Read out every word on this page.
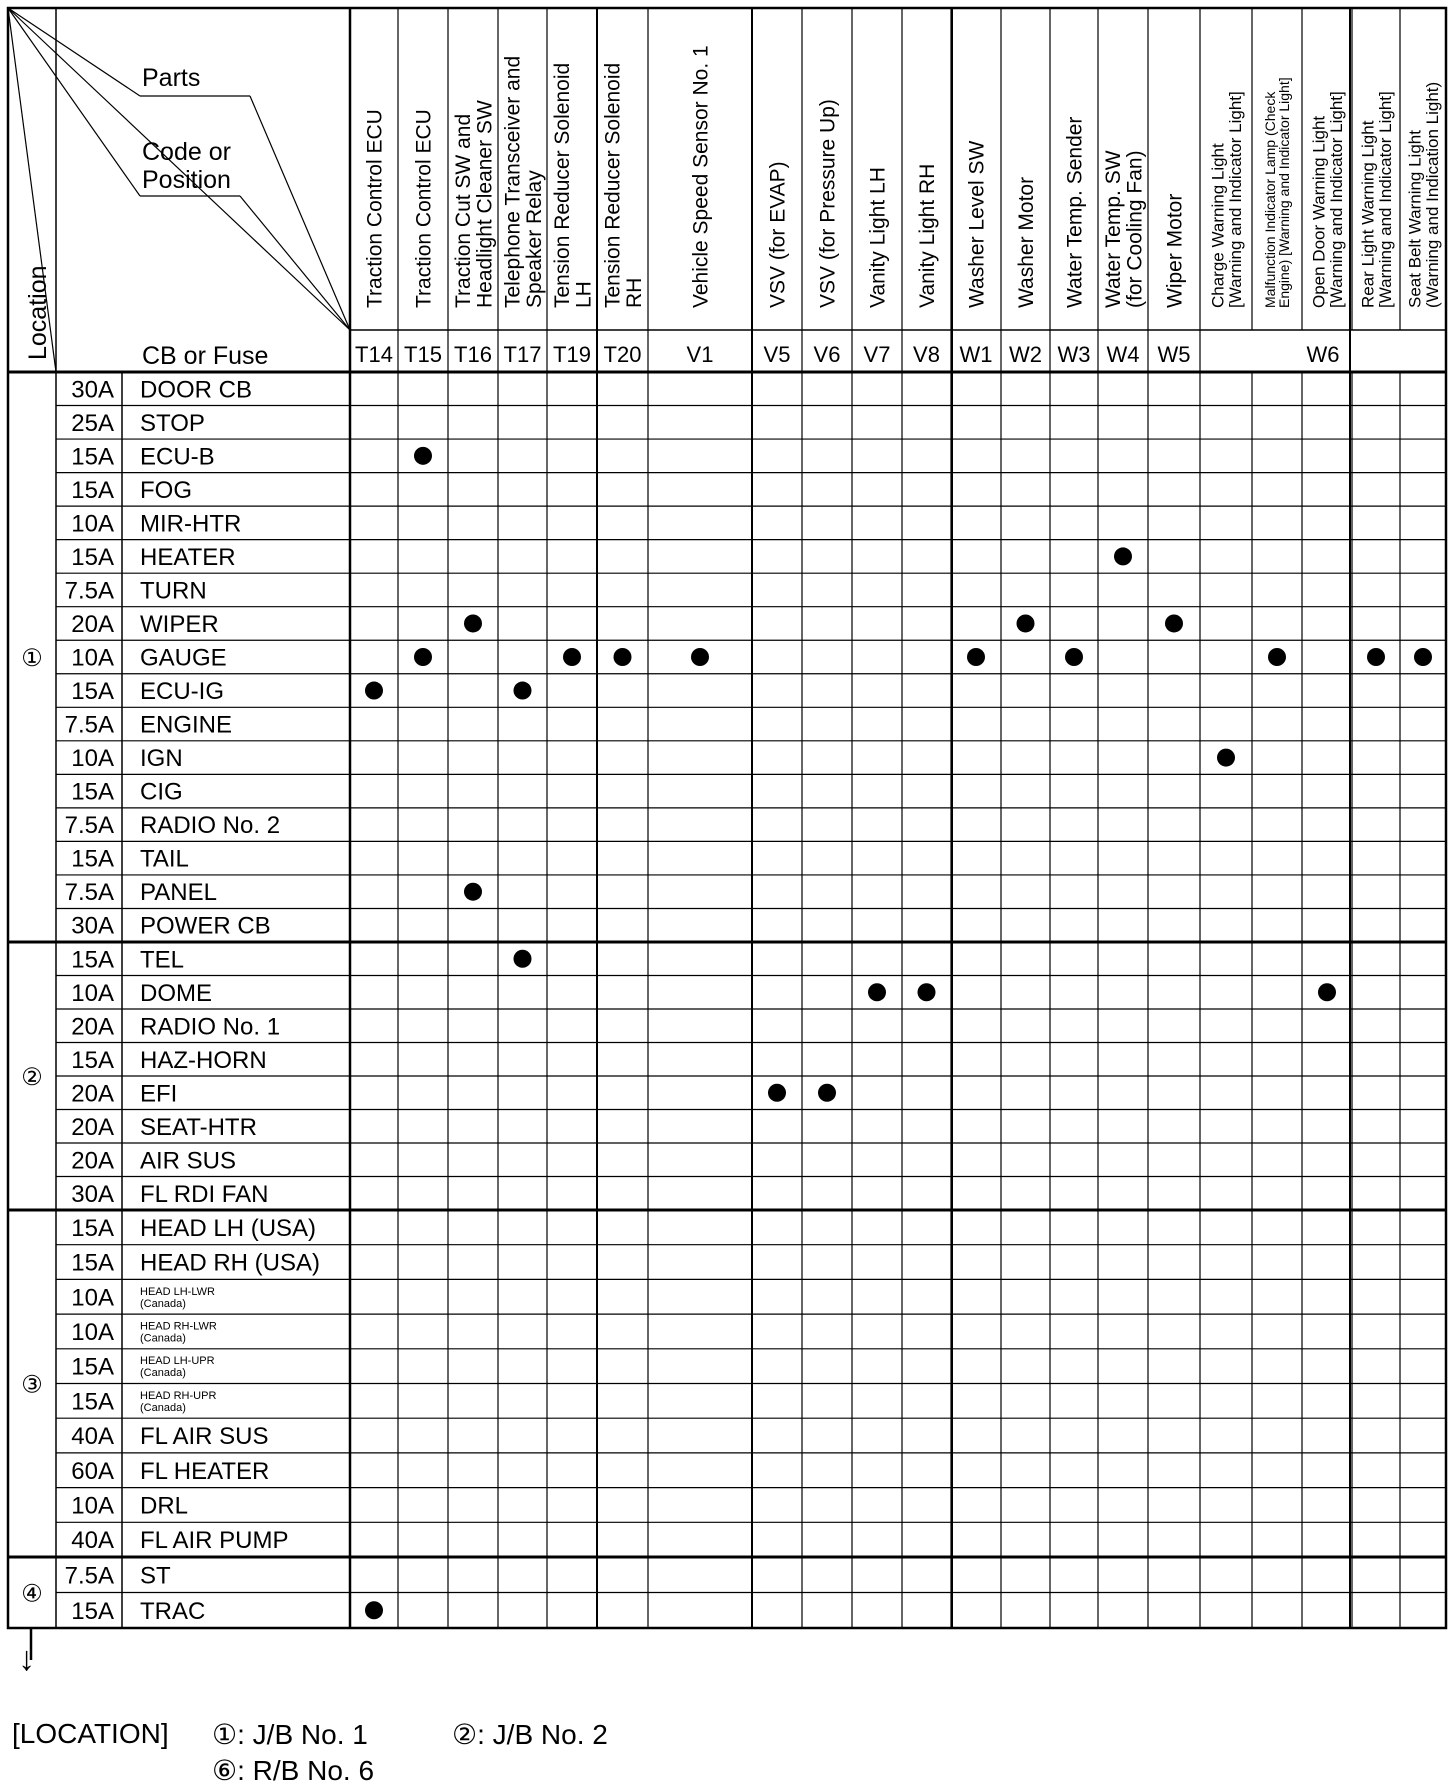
Parts
Code or
Position
CB or Fuse
Location
Traction Control ECU
T14
Traction Control ECU
T15
Traction Cut SW and
Headlight Cleaner SW
T16
Telephone Transceiver and
Speaker Relay
T17
Tension Reducer Solenoid
LH
T19
Tension Reducer Solenoid
RH
T20
Vehicle Speed Sensor No. 1
V1
VSV (for EVAP)
V5
VSV (for Pressure Up)
V6
Vanity Light LH
V7
Vanity Light RH
V8
Washer Level SW
W1
Washer Motor
W2
Water Temp. Sender
W3
Water Temp. SW
(for Cooling Fan)
W4
Wiper Motor
W5
Charge Warning Light
[Warning and Indicator Light] Malfunction Indicator Lamp (Check
Engine) [Warning and Indicator Light] Open Door Warning Light
[Warning and Indicator Light] Rear Light Warning Light
[Warning and Indicator Light] Seat Belt Warning Light
(Warning and Indication Light)
W6
①
②
③
④
30A DOOR CB
25A STOP
15A ECU-B
15A FOG
10A MIR-HTR
15A HEATER
7.5A TURN
20A WIPER
10A GAUGE
15A ECU-IG
7.5A ENGINE
10A IGN
15A CIG
7.5A RADIO No. 2
15A TAIL
7.5A PANEL
30A POWER CB
15A TEL
10A DOME
20A RADIO No. 1
15A HAZ-HORN
20A EFI
20A SEAT-HTR
20A AIR SUS
30A FL RDI FAN
15A HEAD LH (USA)
15A HEAD RH (USA)
10A HEAD LH-LWR
(Canada)
10A HEAD RH-LWR
(Canada)
15A HEAD LH-UPR
(Canada)
15A HEAD RH-UPR
(Canada)
40A FL AIR SUS
60A FL HEATER
10A DRL
40A FL AIR PUMP
7.5A ST
15A TRAC
↓
[LOCATION] ①: J/B No. 1	②: J/B No. 2
⑥: R/B No. 6
